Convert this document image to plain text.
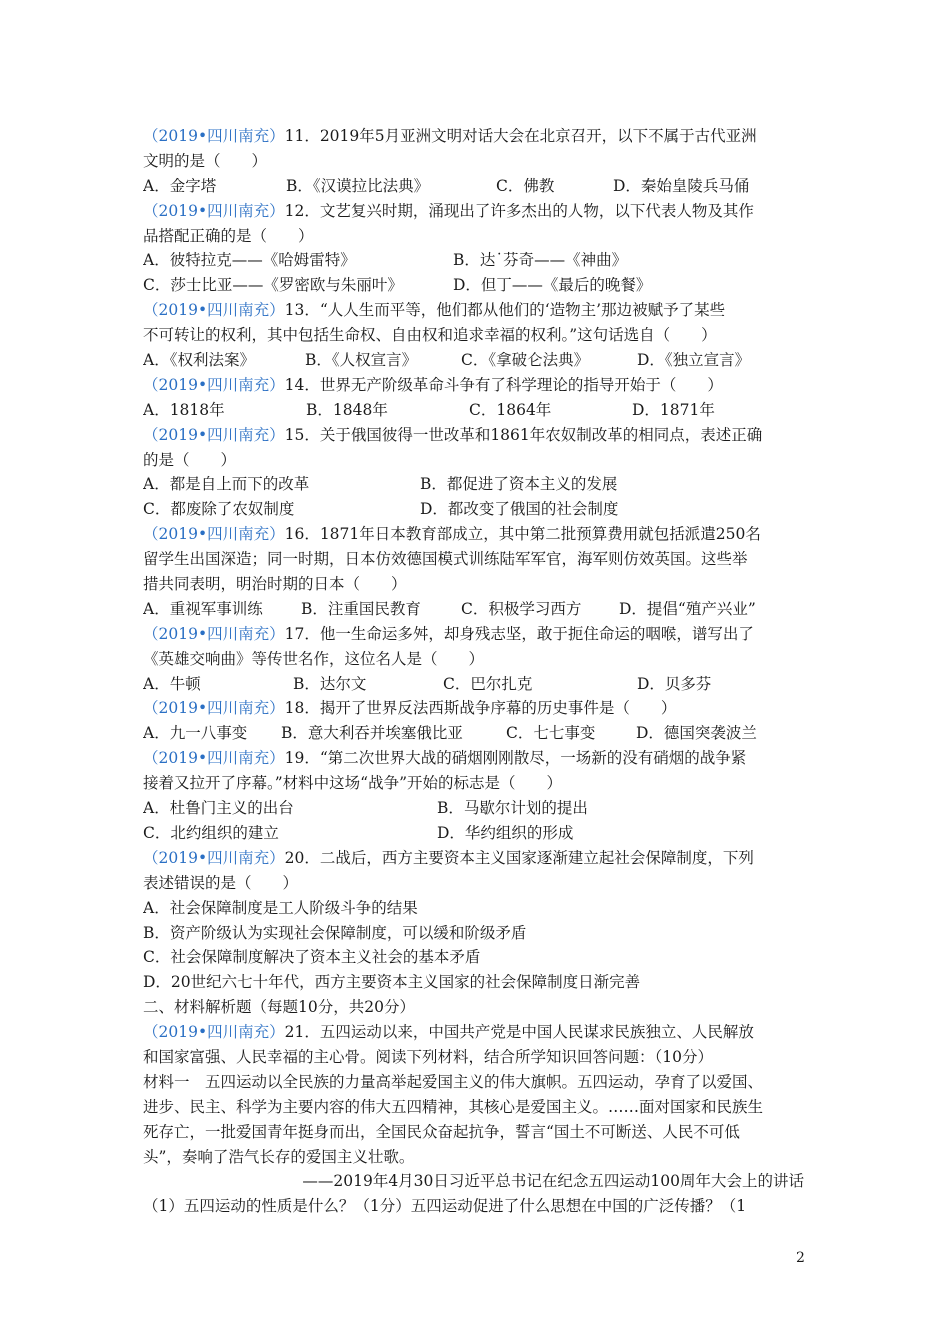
（2019•四川南充）11．2019年5月亚洲文明对话大会在北京召开，以下不属于古代亚洲
文明的是（　　）
A．金字塔	B．《汉谟拉比法典》	C．佛教	D．秦始皇陵兵马俑
（2019•四川南充）12．文艺复兴时期，涌现出了许多杰出的人物，以下代表人物及其作
品搭配正确的是（　　）
A．彼特拉克——《哈姆雷特》	B．达˙芬奇——《神曲》
C．莎士比亚——《罗密欧与朱丽叶》	D．但丁——《最后的晚餐》
（2019•四川南充）13．“人人生而平等，他们都从他们的‘造物主’那边被赋予了某些
不可转让的权利，其中包括生命权、自由权和追求幸福的权利。”这句话选自（　　）
A．《权利法案》	B．《人权宣言》	C．《拿破仑法典》	D．《独立宣言》
（2019•四川南充）14．世界无产阶级革命斗争有了科学理论的指导开始于（　　）
A．1818年	B．1848年	C．1864年	D．1871年
（2019•四川南充）15．关于俄国彼得一世改革和1861年农奴制改革的相同点，表述正确
的是（　　）
A．都是自上而下的改革	B．都促进了资本主义的发展
C．都废除了农奴制度	D．都改变了俄国的社会制度
（2019•四川南充）16．1871年日本教育部成立，其中第二批预算费用就包括派遣250名
留学生出国深造；同一时期，日本仿效德国模式训练陆军军官，海军则仿效英国。这些举
措共同表明，明治时期的日本（　　）
A．重视军事训练	B．注重国民教育	C．积极学习西方	D．提倡“殖产兴业”
（2019•四川南充）17．他一生命运多舛，却身残志坚，敢于扼住命运的咽喉，谱写出了
《英雄交响曲》等传世名作，这位名人是（　　）
A．牛顿	B．达尔文	C．巴尔扎克	D．贝多芬
（2019•四川南充）18．揭开了世界反法西斯战争序幕的历史事件是（　　）
A．九一八事变	B．意大利吞并埃塞俄比亚	C．七七事变	D．德国突袭波兰
（2019•四川南充）19．“第二次世界大战的硝烟刚刚散尽，一场新的没有硝烟的战争紧
接着又拉开了序幕。”材料中这场“战争”开始的标志是（　　）
A．杜鲁门主义的出台	B．马歇尔计划的提出
C．北约组织的建立	D．华约组织的形成
（2019•四川南充）20．二战后，西方主要资本主义国家逐渐建立起社会保障制度，下列
表述错误的是（　　）
A．社会保障制度是工人阶级斗争的结果
B．资产阶级认为实现社会保障制度，可以缓和阶级矛盾
C．社会保障制度解决了资本主义社会的基本矛盾
D．20世纪六七十年代，西方主要资本主义国家的社会保障制度日渐完善
二、材料解析题（每题10分，共20分）
（2019•四川南充）21．五四运动以来，中国共产党是中国人民谋求民族独立、人民解放
和国家富强、人民幸福的主心骨。阅读下列材料，结合所学知识回答问题：（10分）
材料一　五四运动以全民族的力量高举起爱国主义的伟大旗帜。五四运动，孕育了以爱国、
进步、民主、科学为主要内容的伟大五四精神，其核心是爱国主义。……面对国家和民族生
死存亡，一批爱国青年挺身而出，全国民众奋起抗争，誓言“国土不可断送、人民不可低
头”，奏响了浩气长存的爱国主义壮歌。
——2019年4月30日习近平总书记在纪念五四运动100周年大会上的讲话
（1）五四运动的性质是什么？（1分）五四运动促进了什么思想在中国的广泛传播？（1
2
